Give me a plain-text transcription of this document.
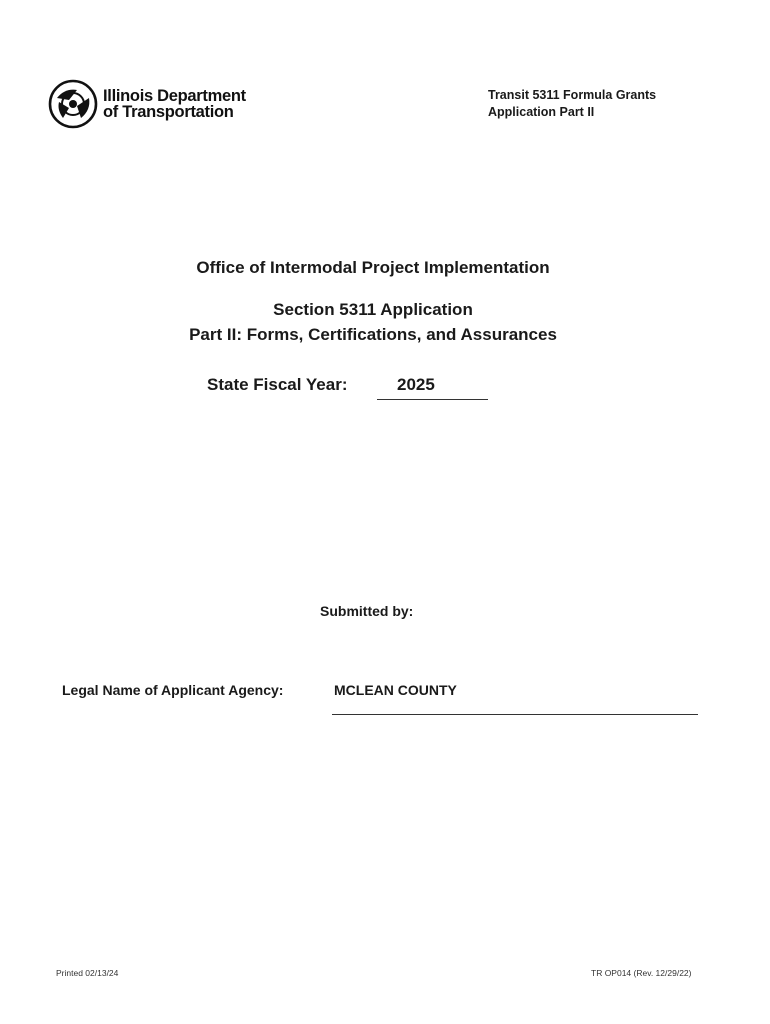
Illinois Department
of Transportation
Transit 5311 Formula Grants
Application Part II
Office of Intermodal Project Implementation
Section 5311 Application
Part II: Forms, Certifications, and Assurances
State Fiscal Year:	2025
Submitted by:
Legal Name of Applicant Agency:	MCLEAN COUNTY
Printed 02/13/24	TR OP014 (Rev. 12/29/22)
